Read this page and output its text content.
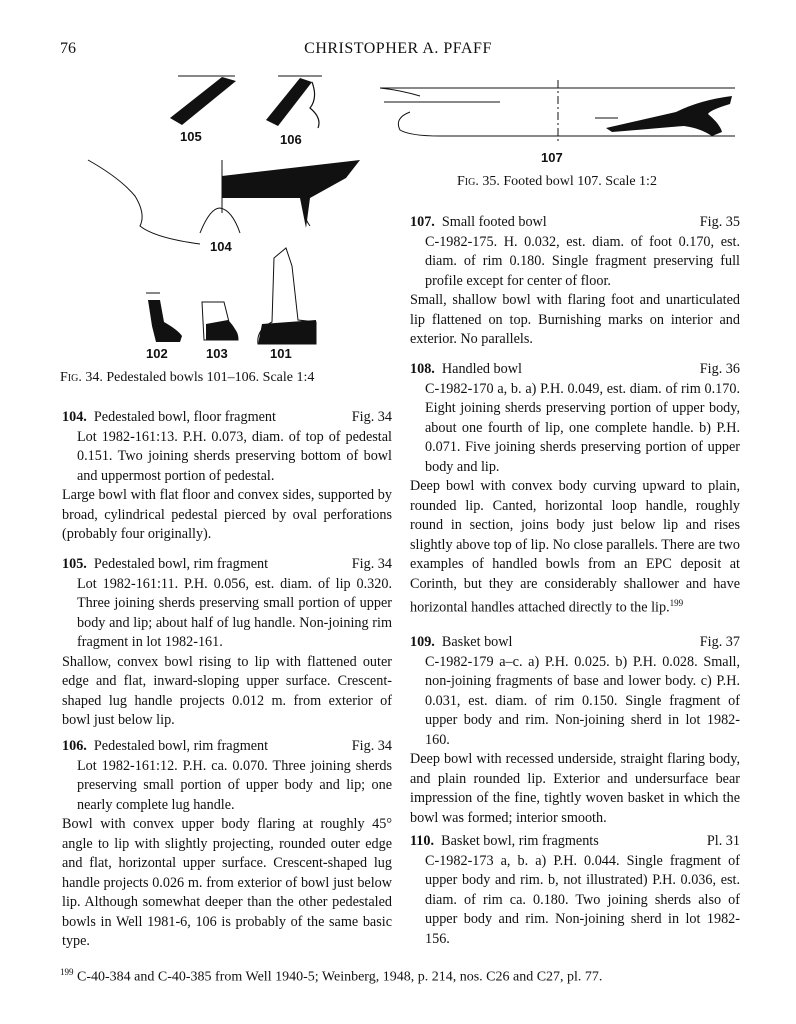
76	CHRISTOPHER A. PFAFF
105	106
104
102	103	101
Fig. 34. Pedestaled bowls 101–106. Scale 1:4
107
Fig. 35. Footed bowl 107. Scale 1:2
104. Pedestaled bowl, floor fragment	Fig. 34
Lot 1982-161:13. P.H. 0.073, diam. of top of pedestal 0.151. Two joining sherds preserving bottom of bowl and uppermost portion of pedestal.
Large bowl with flat floor and convex sides, supported by broad, cylindrical pedestal pierced by oval perforations (probably four originally).
105. Pedestaled bowl, rim fragment	Fig. 34
Lot 1982-161:11. P.H. 0.056, est. diam. of lip 0.320. Three joining sherds preserving small portion of upper body and lip; about half of lug handle. Non-joining rim fragment in lot 1982-161.
Shallow, convex bowl rising to lip with flattened outer edge and flat, inward-sloping upper surface. Crescent-shaped lug handle projects 0.012 m. from exterior of bowl just below lip.
106. Pedestaled bowl, rim fragment	Fig. 34
Lot 1982-161:12. P.H. ca. 0.070. Three joining sherds preserving small portion of upper body and lip; one nearly complete lug handle.
Bowl with convex upper body flaring at roughly 45° angle to lip with slightly projecting, rounded outer edge and flat, horizontal upper surface. Crescent-shaped lug handle projects 0.026 m. from exterior of bowl just below lip. Although somewhat deeper than the other pedestaled bowls in Well 1981-6, 106 is probably of the same basic type.
107. Small footed bowl	Fig. 35
C-1982-175. H. 0.032, est. diam. of foot 0.170, est. diam. of rim 0.180. Single fragment preserving full profile except for center of floor.
Small, shallow bowl with flaring foot and unarticulated lip flattened on top. Burnishing marks on interior and exterior. No parallels.
108. Handled bowl	Fig. 36
C-1982-170 a, b. a) P.H. 0.049, est. diam. of rim 0.170. Eight joining sherds preserving portion of upper body, about one fourth of lip, one complete handle. b) P.H. 0.071. Five joining sherds preserving portion of upper body and lip.
Deep bowl with convex body curving upward to plain, rounded lip. Canted, horizontal loop handle, roughly round in section, joins body just below lip and rises slightly above top of lip. No close parallels. There are two examples of handled bowls from an EPC deposit at Corinth, but they are considerably shallower and have horizontal handles attached directly to the lip.$^{199}$
109. Basket bowl	Fig. 37
C-1982-179 a–c. a) P.H. 0.025. b) P.H. 0.028. Small, non-joining fragments of base and lower body. c) P.H. 0.031, est. diam. of rim 0.150. Single fragment of upper body and rim. Non-joining sherd in lot 1982-160.
Deep bowl with recessed underside, straight flaring body, and plain rounded lip. Exterior and undersurface bear impression of the fine, tightly woven basket in which the bowl was formed; interior smooth.
110. Basket bowl, rim fragments	Pl. 31
C-1982-173 a, b. a) P.H. 0.044. Single fragment of upper body and rim. b, not illustrated) P.H. 0.036, est. diam. of rim ca. 0.180. Two joining sherds also of upper body and rim. Non-joining sherd in lot 1982-156.
$^{199}$ C-40-384 and C-40-385 from Well 1940-5; Weinberg, 1948, p. 214, nos. C26 and C27, pl. 77.
